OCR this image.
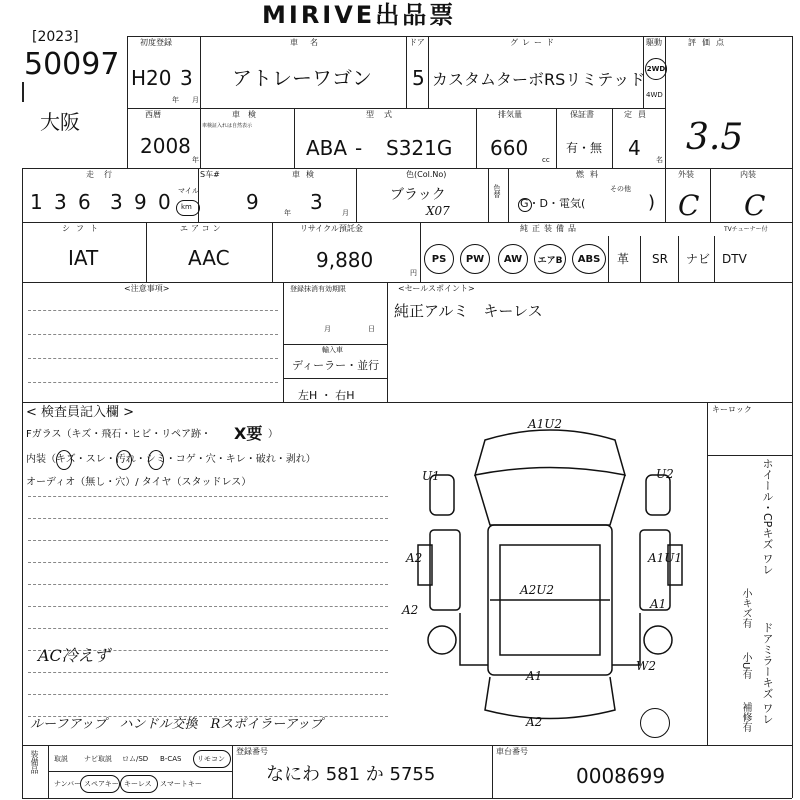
MIRIVE出品票
[2023]
50097
大阪
初度登録
H20 3
年 月
車名
アトレーワゴン
ドア
5
グレード
カスタムターボRSリミテッド
駆動
2WD
4WD
評価点
3.5
西暦
2008
年
車検
車検証入れは自然表示
型式
ABA - S321G
排気量
660 cc
保証書
有・無
定員
4 名
走行
1 3 6 3 9 0 マイル
km
S车#	車検
9	年 3	月
色(Col.No)
ブラック
X07
色替
燃料
G・D・電気(
その他
)
外装
C
内装
C
シフト
IAT
エアコン
AAC
リサイクル預託金
9,880
円
純正装備品	TVチューナー付
PS PW AW エアB ABS 革 SR ナビ DTV
<注意事項>	登録抹消有効期限
月	日
輸入車
ディーラー・並行
左H ・ 右H
<セールスポイント>
純正アルミ　キーレス
< 検査員記入欄 >
Fガラス（キズ・飛石・ヒビ・リペア跡・ X要 ）
内装（キズ・スレ・汚れ・シミ・コゲ・穴・キレ・破れ・剥れ）
オーディオ（無し・穴）/ タイヤ（スタッドレス）
AC冷えず
ルーフアップ　ハンドル交換　Rスポイラーアップ
キーロック
A1U2
U1	U2
A2	A1U1
A2U2
A1
A2
W2
A1
A2
ホイール・CPキズ ワレ
小キズ有
ドアミラーキズ ワレ
小U有
補修有
装備品 取説 ナビ取説 ロム/SD B-CAS リモコン
ナンバー スペアキー キーレス スマートキー
登録番号
なにわ 581 か 5755
車台番号
0008699
